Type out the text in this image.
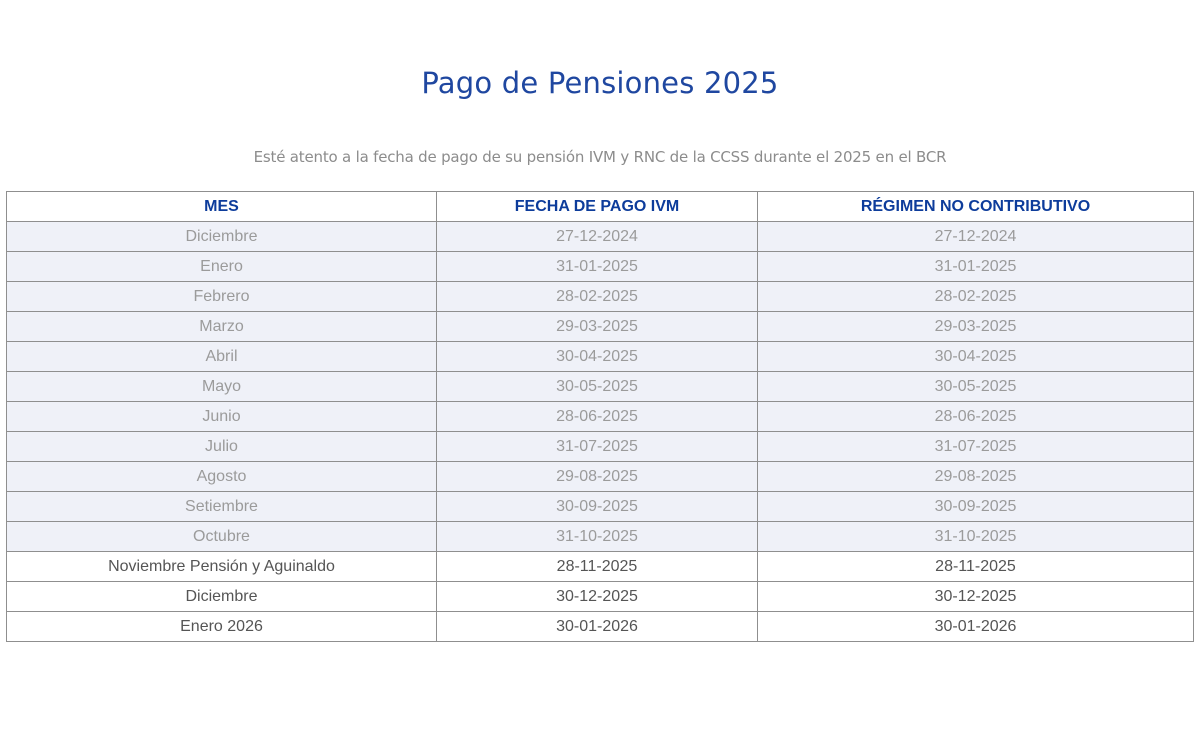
Pago de Pensiones 2025

Esté atento a la fecha de pago de su pensión IVM y RNC de la CCSS durante el 2025 en el BCR

MES	FECHA DE PAGO IVM	RÉGIMEN NO CONTRIBUTIVO
Diciembre	27-12-2024	27-12-2024
Enero	31-01-2025	31-01-2025
Febrero	28-02-2025	28-02-2025
Marzo	29-03-2025	29-03-2025
Abril	30-04-2025	30-04-2025
Mayo	30-05-2025	30-05-2025
Junio	28-06-2025	28-06-2025
Julio	31-07-2025	31-07-2025
Agosto	29-08-2025	29-08-2025
Setiembre	30-09-2025	30-09-2025
Octubre	31-10-2025	31-10-2025
Noviembre Pensión y Aguinaldo	28-11-2025	28-11-2025
Diciembre	30-12-2025	30-12-2025
Enero 2026	30-01-2026	30-01-2026
